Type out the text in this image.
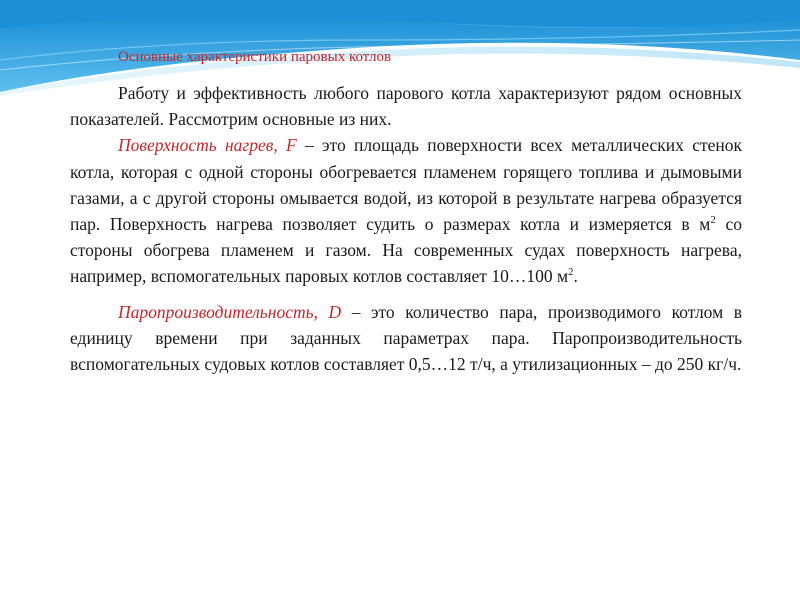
Основные характеристики паровых котлов

Работу и эффективность любого парового котла характеризуют рядом основных показателей. Рассмотрим основные из них.

Поверхность нагрев, F – это площадь поверхности всех металлических стенок котла, которая с одной стороны обогревается пламенем горящего топлива и дымовыми газами, а с другой стороны омывается водой, из которой в результате нагрева образуется пар. Поверхность нагрева позволяет судить о размерах котла и измеряется в $м^2$ со стороны обогрева пламенем и газом. На современных судах поверхность нагрева, например, вспомогательных паровых котлов составляет 10…100 $м^2$.

Паропроизводительность, D – это количество пара, производимого котлом в единицу времени при заданных параметрах пара. Паропроизводительность вспомогательных судовых котлов составляет 0,5…12 т/ч, а утилизационных – до 250 кг/ч.
